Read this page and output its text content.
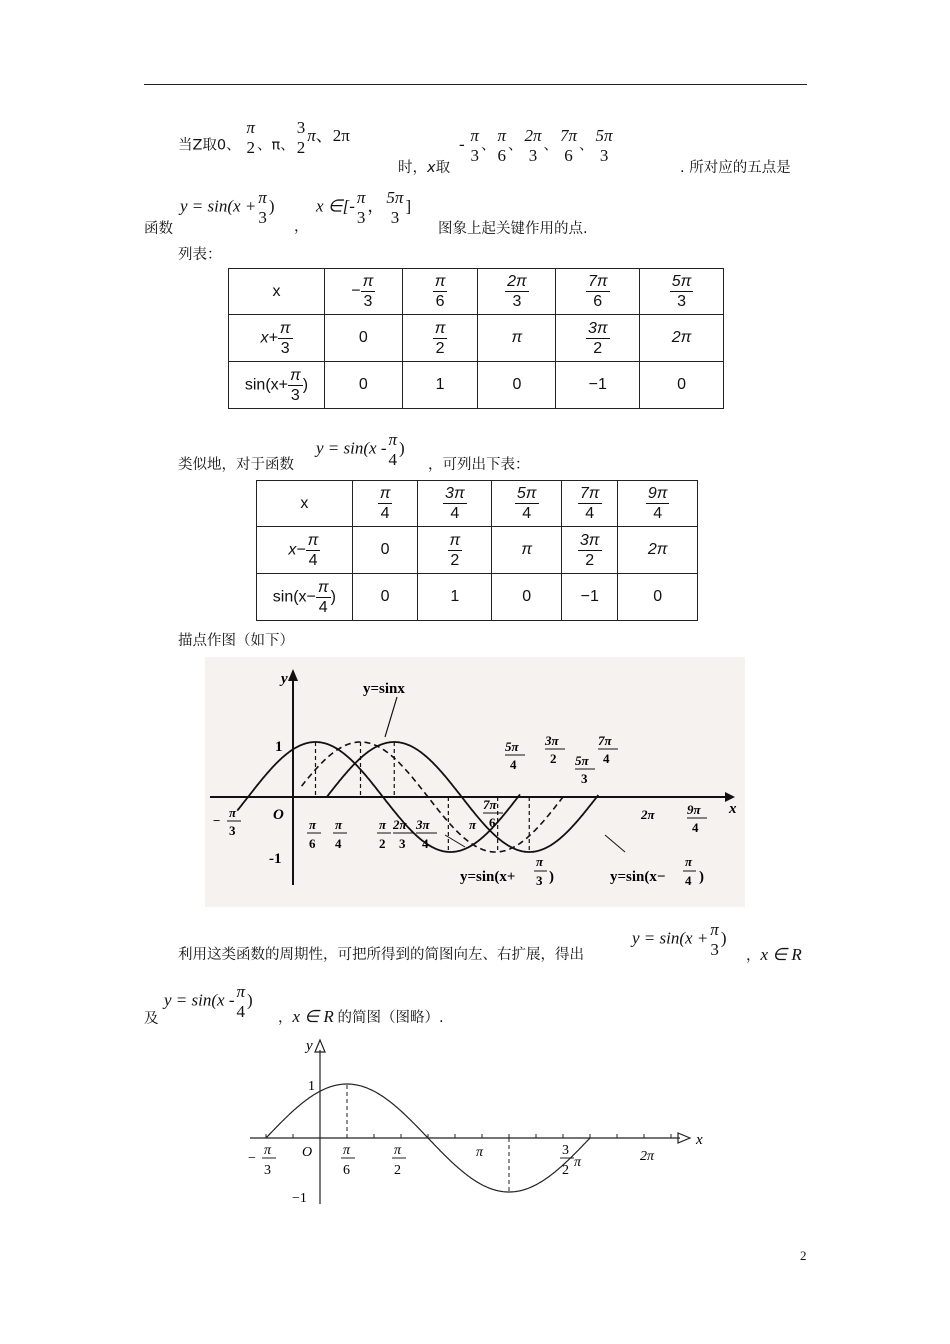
当Z取0、
π
2 、π、
3
2
π、2π
时，x取
- π
3
、
π
6
、
2π
3
、
7π
6
、
5π
3
. 所对应的五点是
函数
y = sin(x + π
3
)
，
x ∈[- π
3
， 5π
3
]
图象上起关键作用的点.
列表：
x	− $\frac{\pi}{3}$	$\frac{\pi}{6}$	$\frac{2\pi}{3}$	$\frac{7\pi}{6}$	$\frac{5\pi}{3}$

$x+ \frac{\pi}{3}$	0	$\frac{\pi}{2}$	π	$\frac{3\pi}{2}$	2π
$\sin(x+ \frac{\pi}{3}$ )	0	1	0	−1	0
类似地，对于函数
y = sin(x - π
4
)
，可列出下表：
x	$\frac{\pi}{4}$	$\frac{3\pi}{4}$	$\frac{5\pi}{4}$	$\frac{7\pi}{4}$	$\frac{9\pi}{4}$

$x- \frac{\pi}{4}$	0	$\frac{\pi}{2}$	π	$\frac{3\pi}{2}$	2π
$\sin(x- \frac{\pi}{4}$ )	0	1	0	−1	0
描点作图（如下）
y
x
O
1
-1
y=sinx
y=sin(x+
π
3 )	y=sin(x−
π
4 )
−
π
3	π
6
π
4
π
2
2π
3
3π
4
π
7π
6
5π
4
3π
2 5π
3
7π
4
2π 9π
4
利用这类函数的周期性，可把所得到的简图向左、右扩展，得出
y = sin(x + π
3
)
，x ∈ R
及
y = sin(x - π
4
)
，x ∈ R 的简图（图略）.
y
x
O
1
−1
−
π
3
π
6
π
2
π	3
2
π	2π
2
